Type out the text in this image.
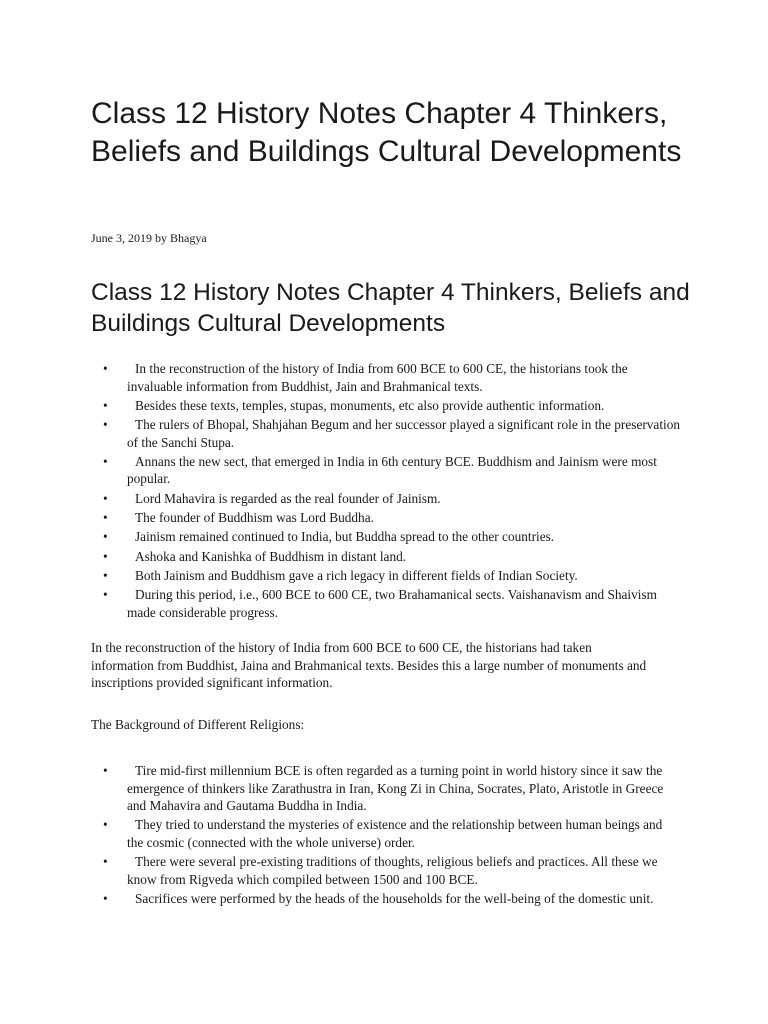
Class 12 History Notes Chapter 4 Thinkers, Beliefs and Buildings Cultural Developments
June 3, 2019 by Bhagya
Class 12 History Notes Chapter 4 Thinkers, Beliefs and Buildings Cultural Developments
•	In the reconstruction of the history of India from 600 BCE to 600 CE, the historians took the invaluable information from Buddhist, Jain and Brahmanical texts.
•	Besides these texts, temples, stupas, monuments, etc also provide authentic information.
•	The rulers of Bhopal, Shahjahan Begum and her successor played a significant role in the preservation of the Sanchi Stupa.
•	Annans the new sect, that emerged in India in 6th century BCE. Buddhism and Jainism were most popular.
•	Lord Mahavira is regarded as the real founder of Jainism.
•	The founder of Buddhism was Lord Buddha.
•	Jainism remained continued to India, but Buddha spread to the other countries.
•	Ashoka and Kanishka of Buddhism in distant land.
•	Both Jainism and Buddhism gave a rich legacy in different fields of Indian Society.
•	During this period, i.e., 600 BCE to 600 CE, two Brahamanical sects. Vaishanavism and Shaivism made considerable progress.

In the reconstruction of the history of India from 600 BCE to 600 CE, the historians had taken information from Buddhist, Jaina and Brahmanical texts. Besides this a large number of monuments and inscriptions provided significant information.

The Background of Different Religions:

•	Tire mid-first millennium BCE is often regarded as a turning point in world history since it saw the emergence of thinkers like Zarathustra in Iran, Kong Zi in China, Socrates, Plato, Aristotle in Greece and Mahavira and Gautama Buddha in India.
•	They tried to understand the mysteries of existence and the relationship between human beings and the cosmic (connected with the whole universe) order.
•	There were several pre-existing traditions of thoughts, religious beliefs and practices. All these we know from Rigveda which compiled between 1500 and 100 BCE.
•	Sacrifices were performed by the heads of the households for the well-being of the domestic unit.
